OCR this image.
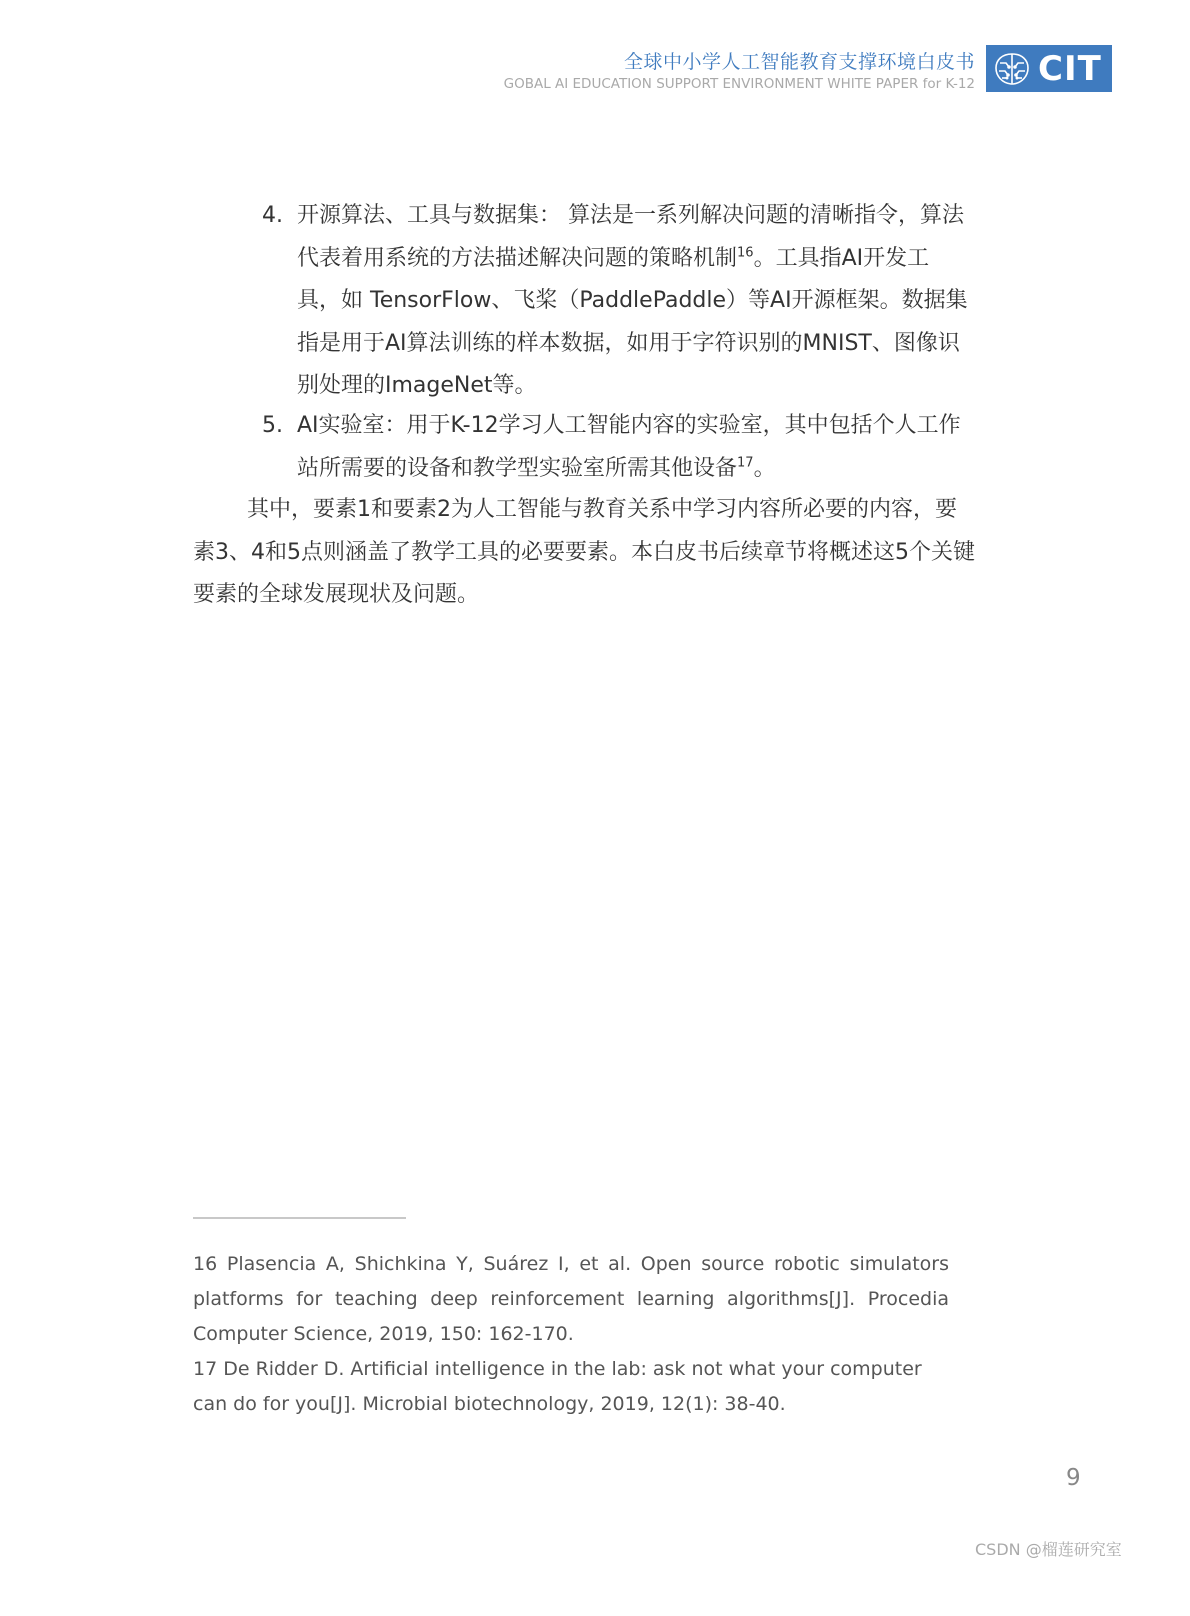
全球中小学人工智能教育支撑环境白皮书
GOBAL AI EDUCATION SUPPORT ENVIRONMENT WHITE PAPER for K-12 CIT
4. 开源算法、工具与数据集： 算法是一系列解决问题的清晰指令，算法代表着用系统的方法描述解决问题的策略机制$^{16}$。工具指AI开发工具，如 TensorFlow、飞桨（PaddlePaddle）等AI开源框架。数据集指是用于AI算法训练的样本数据，如用于字符识别的MNIST、图像识别处理的ImageNet等。
5. AI实验室：用于K-12学习人工智能内容的实验室，其中包括个人工作站所需要的设备和教学型实验室所需其他设备$^{17}$。
其中，要素1和要素2为人工智能与教育关系中学习内容所必要的内容，要素3、4和5点则涵盖了教学工具的必要要素。本白皮书后续章节将概述这5个关键要素的全球发展现状及问题。
16 Plasencia A, Shichkina Y, Suárez I, et al. Open source robotic simulators platforms for teaching deep reinforcement learning algorithms[J]. Procedia Computer Science, 2019, 150: 162-170.
17 De Ridder D. Artificial intelligence in the lab: ask not what your computer can do for you[J]. Microbial biotechnology, 2019, 12(1): 38-40.
9
CSDN @榴莲研究室
